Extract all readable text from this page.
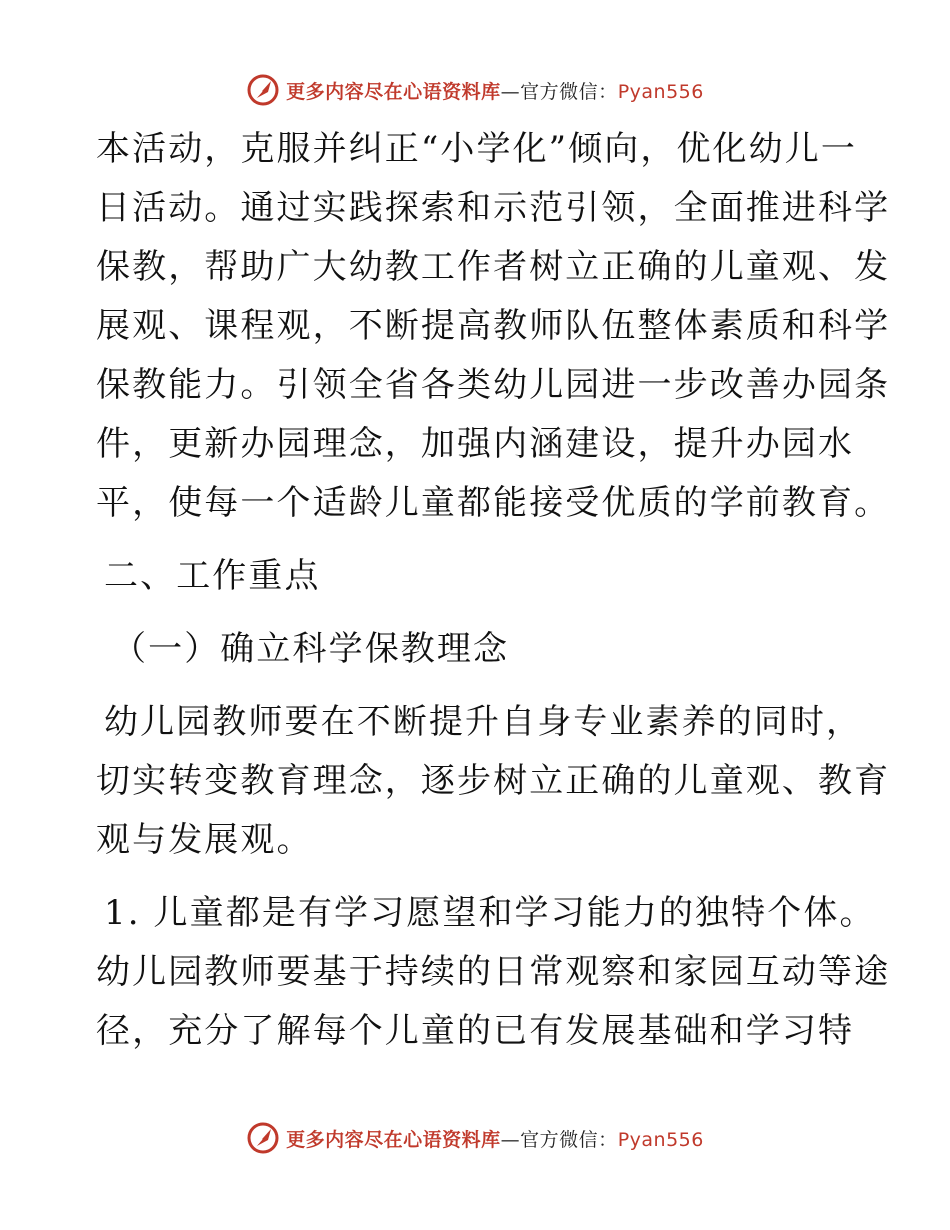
更多内容尽在心语资料库—官方微信：Pyan556
本活动，克服并纠正“小学化”倾向，优化幼儿一
日活动。通过实践探索和示范引领，全面推进科学
保教，帮助广大幼教工作者树立正确的儿童观、发
展观、课程观，不断提高教师队伍整体素质和科学
保教能力。引领全省各类幼儿园进一步改善办园条
件，更新办园理念，加强内涵建设，提升办园水
平，使每一个适龄儿童都能接受优质的学前教育。
二、工作重点
（一）确立科学保教理念
幼儿园教师要在不断提升自身专业素养的同时，
切实转变教育理念，逐步树立正确的儿童观、教育
观与发展观。
1. 儿童都是有学习愿望和学习能力的独特个体。
幼儿园教师要基于持续的日常观察和家园互动等途
径，充分了解每个儿童的已有发展基础和学习特
更多内容尽在心语资料库—官方微信：Pyan556
